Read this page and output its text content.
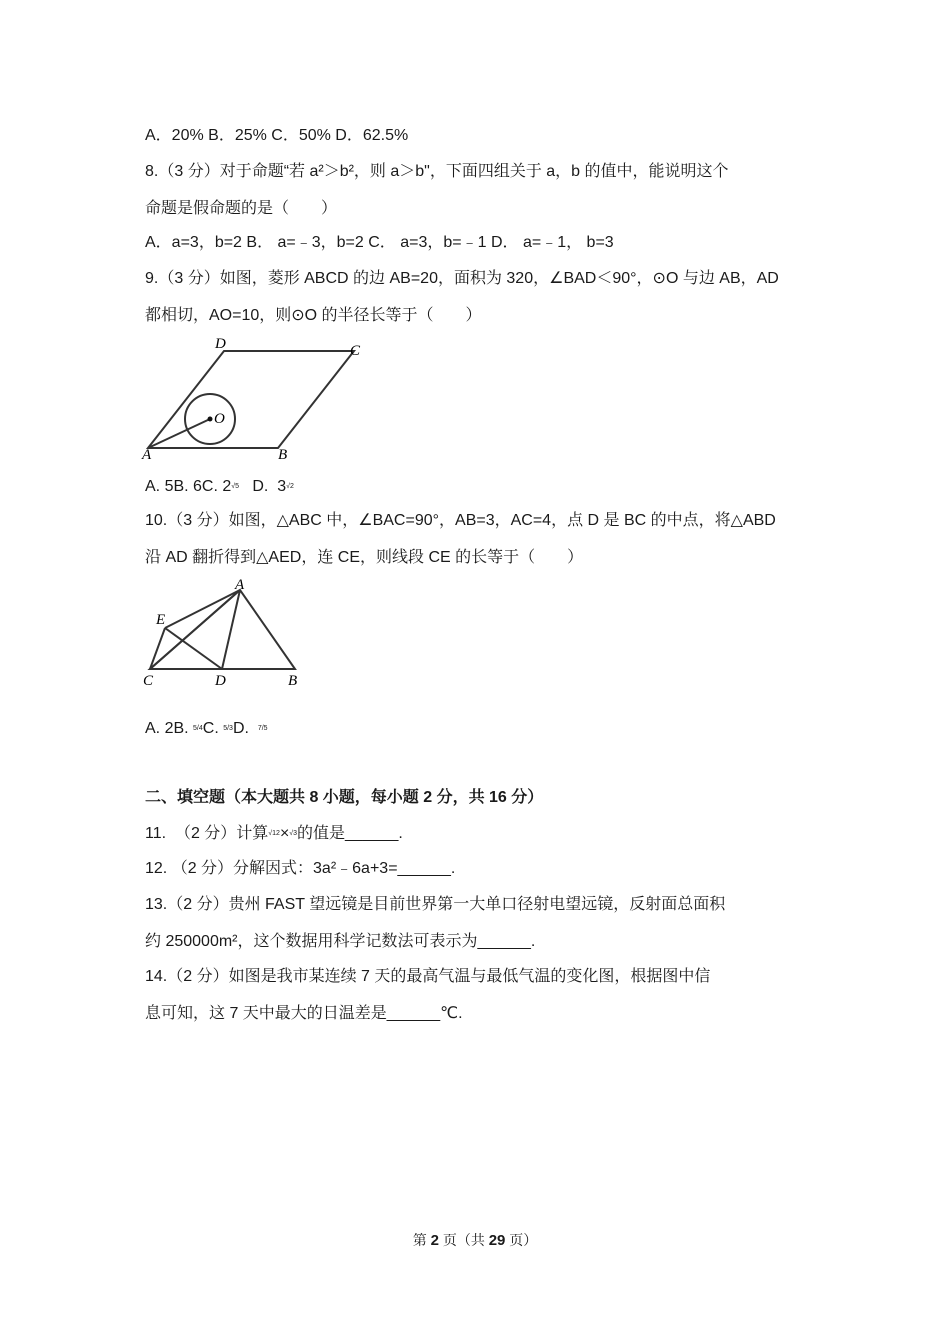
A．20% B．25% C．50% D．62.5%
8.（3 分）对于命题“若 a²＞b²，则 a＞b"，下面四组关于 a，b 的值中，能说明这个
命题是假命题的是（　　）
A．a=3，b=2 B． a=﹣3，b=2 C． a=3，b=﹣1 D． a=﹣1， b=3
9.（3 分）如图，菱形 ABCD 的边 AB=20，面积为 320，∠BAD＜90°，⊙O 与边 AB，AD
都相切，AO=10，则⊙O 的半径长等于（　　）
A	B
C
D
O
A. 5B. 6C. 2√5   D.  3√2
10.（3 分）如图，△ABC 中，∠BAC=90°，AB=3，AC=4，点 D 是 BC 的中点，将△ABD
沿 AD 翻折得到△AED，连 CE，则线段 CE 的长等于（　　）
A
B
C	D
E
A. 2B. 5/4C. 5/3D.  7/5
二、填空题（本大题共 8 小题，每小题 2 分，共 16 分）
11.  （2 分）计算√12×√3的值是______.
12. （2 分）分解因式：3a²﹣6a+3=______.
13.（2 分）贵州 FAST 望远镜是目前世界第一大单口径射电望远镜，反射面总面积
约 250000m²，这个数据用科学记数法可表示为______.
14.（2 分）如图是我市某连续 7 天的最高气温与最低气温的变化图，根据图中信
息可知，这 7 天中最大的日温差是______℃.
第 2 页（共 29 页）
